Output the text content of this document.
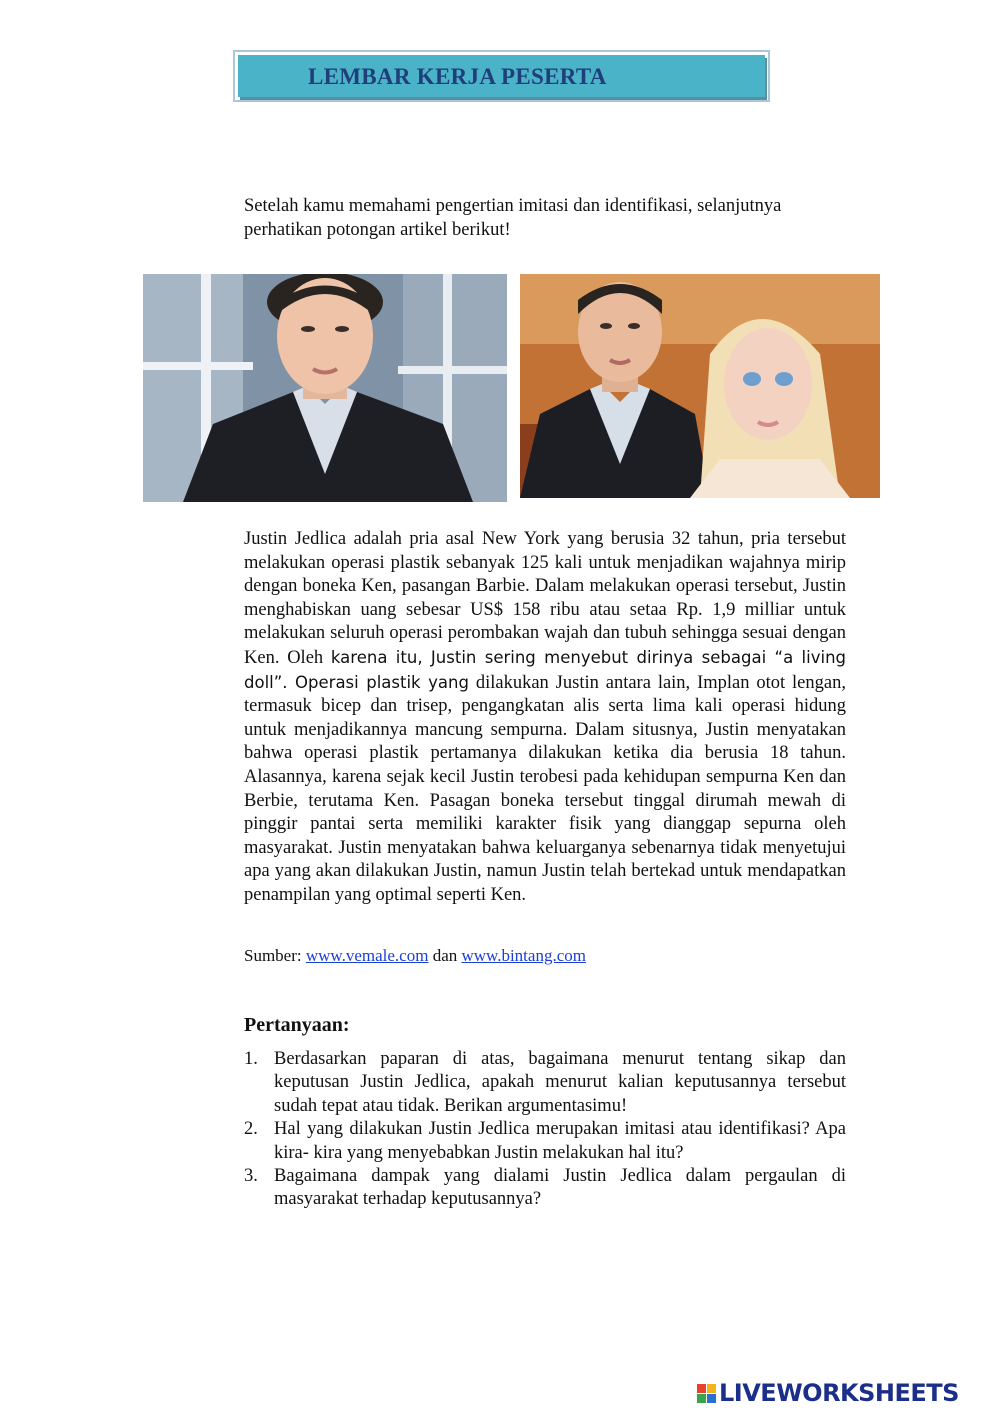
LEMBAR KERJA PESERTA
Setelah kamu memahami pengertian imitasi dan identifikasi, selanjutnya perhatikan potongan artikel berikut!
Justin Jedlica adalah pria asal New York yang berusia 32 tahun, pria tersebut melakukan operasi plastik sebanyak 125 kali untuk menjadikan wajahnya mirip dengan boneka Ken, pasangan Barbie. Dalam melakukan operasi tersebut, Justin menghabiskan uang sebesar US$ 158 ribu atau setaa Rp. 1,9 milliar untuk melakukan seluruh operasi perombakan wajah dan tubuh sehingga sesuai dengan Ken. Oleh karena itu, Justin sering menyebut dirinya sebagai “a living doll”. Operasi plastik yang dilakukan Justin antara lain, Implan otot lengan, termasuk bicep dan trisep, pengangkatan alis serta lima kali operasi hidung untuk menjadikannya mancung sempurna. Dalam situsnya, Justin menyatakan bahwa operasi plastik pertamanya dilakukan ketika dia berusia 18 tahun. Alasannya, karena sejak kecil Justin terobesi pada kehidupan sempurna Ken dan Berbie, terutama Ken. Pasagan boneka tersebut tinggal dirumah mewah di pinggir pantai serta memiliki karakter fisik yang dianggap sepurna oleh masyarakat. Justin menyatakan bahwa keluarganya sebenarnya tidak menyetujui apa yang akan dilakukan Justin, namun Justin telah bertekad untuk mendapatkan penampilan yang optimal seperti Ken.
Sumber: www.vemale.com dan www.bintang.com
Pertanyaan:
1. Berdasarkan paparan di atas, bagaimana menurut tentang sikap dan keputusan Justin Jedlica, apakah menurut kalian keputusannya tersebut sudah tepat atau tidak. Berikan argumentasimu!
2. Hal yang dilakukan Justin Jedlica merupakan imitasi atau identifikasi? Apa kira- kira yang menyebabkan Justin melakukan hal itu?
3. Bagaimana dampak yang dialami Justin Jedlica dalam pergaulan di masyarakat terhadap keputusannya?
LIVEWORKSHEETS
